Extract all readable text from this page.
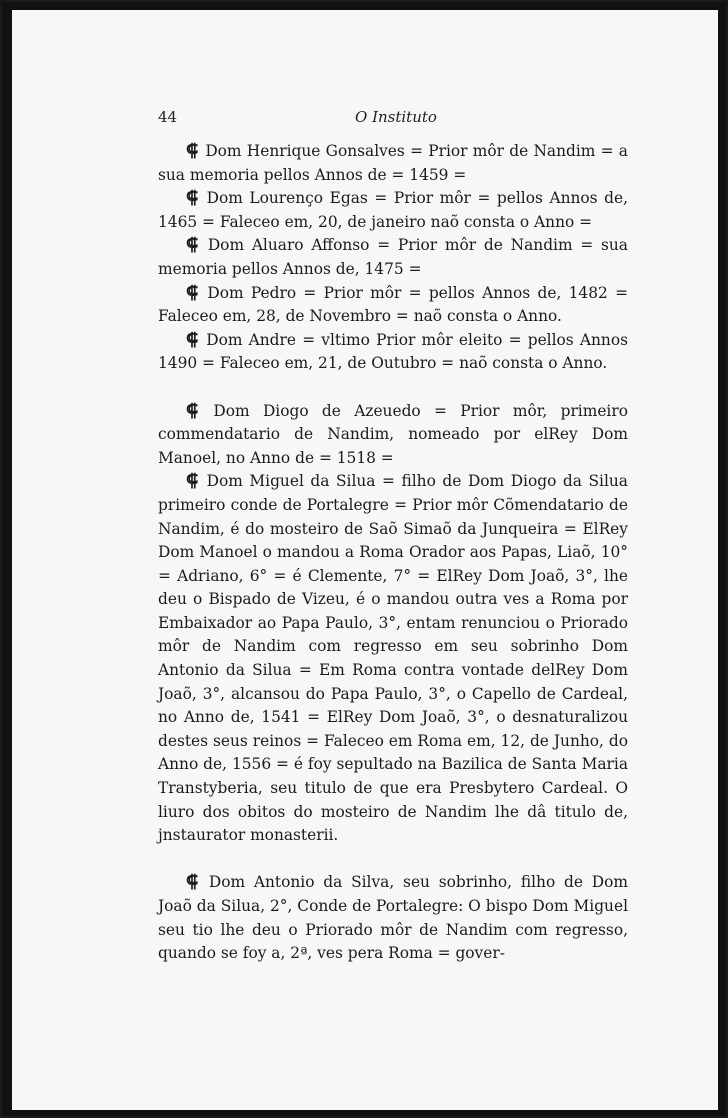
44	O Instituto

⸿ Dom Henrique Gonsalves = Prior môr de Nandim = a sua memoria pellos Annos de = 1459 =

⸿ Dom Lourenço Egas = Prior môr = pellos Annos de, 1465 = Faleceo em, 20, de janeiro naõ consta o Anno =

⸿ Dom Aluaro Affonso = Prior môr de Nandim = sua memoria pellos Annos de, 1475 =

⸿ Dom Pedro = Prior môr = pellos Annos de, 1482 = Faleceo em, 28, de Novembro = naõ consta o Anno.

⸿ Dom Andre = vltimo Prior môr eleito = pellos Annos 1490 = Faleceo em, 21, de Outubro = naõ consta o Anno.

⸿ Dom Diogo de Azeuedo = Prior môr, primeiro commendatario de Nandim, nomeado por elRey Dom Manoel, no Anno de = 1518 =

⸿ Dom Miguel da Silua = filho de Dom Diogo da Silua primeiro conde de Portalegre = Prior môr Cõmendatario de Nandim, é do mosteiro de Saõ Simaõ da Junqueira = ElRey Dom Manoel o mandou a Roma Orador aos Papas, Liaõ, 10° = Adriano, 6° = é Clemente, 7° = ElRey Dom Joaõ, 3°, lhe deu o Bispado de Vizeu, é o mandou outra ves a Roma por Embaixador ao Papa Paulo, 3°, entam renunciou o Priorado môr de Nandim com regresso em seu sobrinho Dom Antonio da Silua = Em Roma contra vontade delRey Dom Joaõ, 3°, alcansou do Papa Paulo, 3°, o Capello de Cardeal, no Anno de, 1541 = ElRey Dom Joaõ, 3°, o desnaturalizou destes seus reinos = Faleceo em Roma em, 12, de Junho, do Anno de, 1556 = é foy sepultado na Bazilica de Santa Maria Transtyberia, seu titulo de que era Presbytero Cardeal. O liuro dos obitos do mosteiro de Nandim lhe dâ titulo de, jnstaurator monasterii.

⸿ Dom Antonio da Silva, seu sobrinho, filho de Dom Joaõ da Silua, 2°, Conde de Portalegre: O bispo Dom Miguel seu tio lhe deu o Priorado môr de Nandim com regresso, quando se foy a, 2ª, ves pera Roma = gover-
